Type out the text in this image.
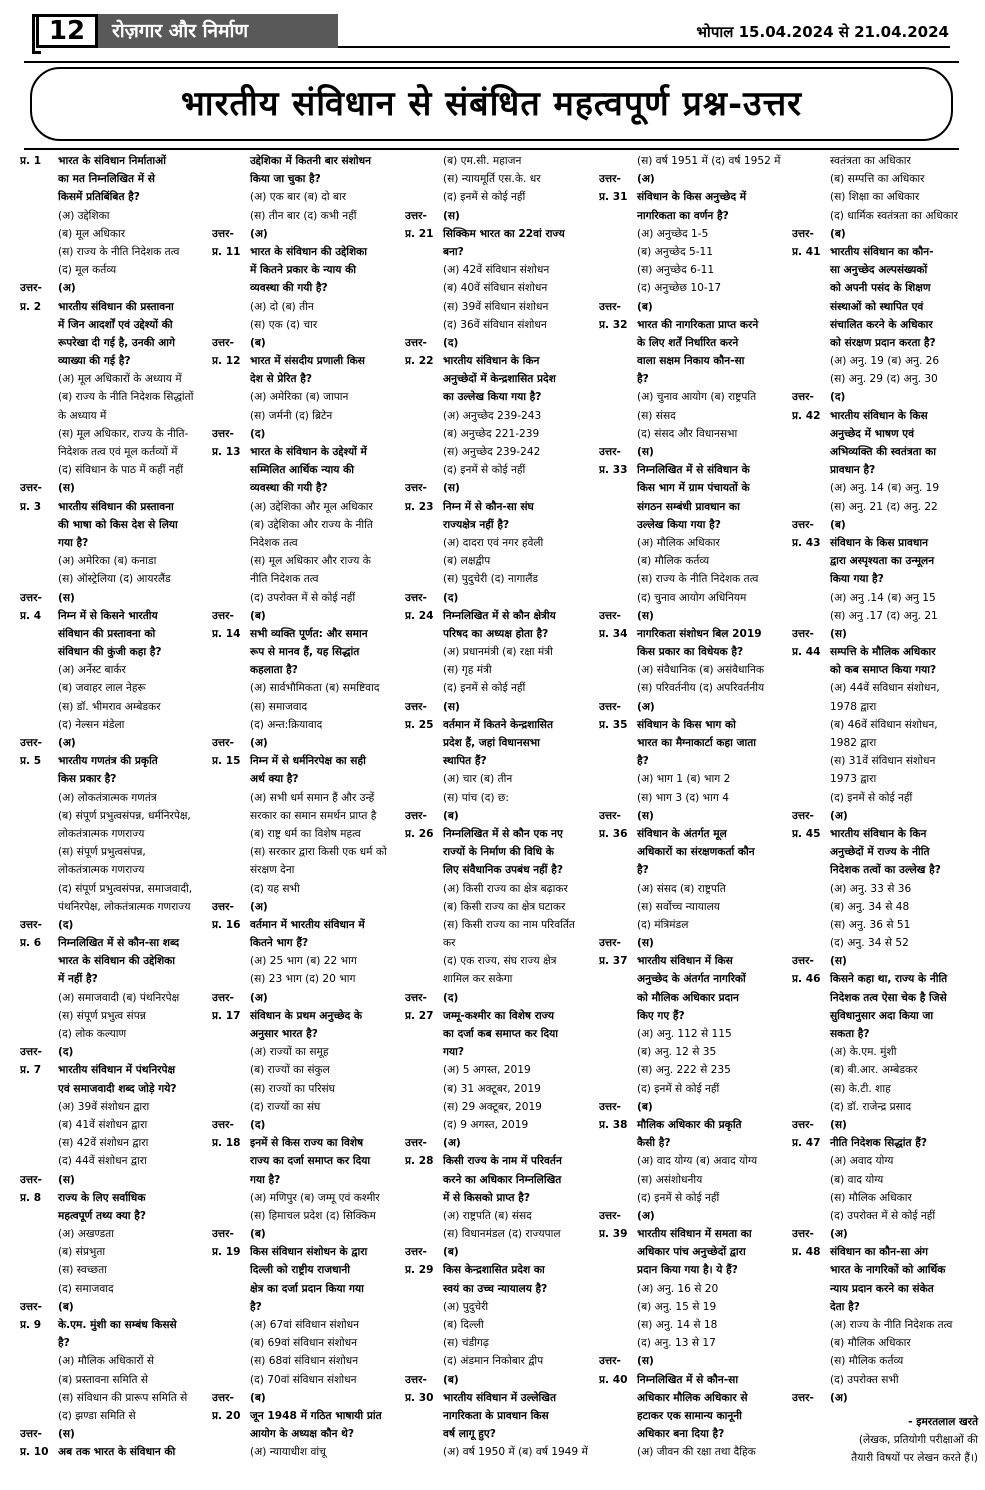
12	रोज़गार और निर्माण	भोपाल 15.04.2024 से 21.04.2024
भारतीय संविधान से संबंधित महत्वपूर्ण प्रश्न-उत्तर
प्र. 1 भारत के संविधान निर्माताओं
का मत निम्नलिखित में से
किसमें प्रतिबिंबित है?
(अ) उद्देशिका
(ब) मूल अधिकार
(स) राज्य के नीति निदेशक तत्व
(द) मूल कर्तव्य
उत्तर- (अ)
प्र. 2 भारतीय संविधान की प्रस्तावना
में जिन आदर्शों एवं उद्देश्यों की
रूपरेखा दी गई है, उनकी आगे
व्याख्या की गई है?
(अ) मूल अधिकारों के अध्याय में
(ब) राज्य के नीति निदेशक सिद्धांतों
के अध्याय में
(स) मूल अधिकार, राज्य के नीति-
निदेशक तत्व एवं मूल कर्तव्यों में
(द) संविधान के पाठ में कहीं नहीं
उत्तर- (स)
प्र. 3 भारतीय संविधान की प्रस्तावना
की भाषा को किस देश से लिया
गया है?
(अ) अमेरिका (ब) कनाडा
(स) ऑस्ट्रेलिया (द) आयरलैंड
उत्तर- (स)
प्र. 4 निम्न में से किसने भारतीय
संविधान की प्रस्तावना को
संविधान की कुंजी कहा है?
(अ) अर्नेस्ट बार्कर
(ब) जवाहर लाल नेहरू
(स) डॉ. भीमराव अम्बेडकर
(द) नेल्सन मंडेला
उत्तर- (अ)
प्र. 5 भारतीय गणतंत्र की प्रकृति
किस प्रकार है?
(अ) लोकतंत्रात्मक गणतंत्र
(ब) संपूर्ण प्रभुत्वसंपन्न, धर्मनिरपेक्ष,
लोकतंत्रात्मक गणराज्य
(स) संपूर्ण प्रभुत्वसंपन्न,
लोकतंत्रात्मक गणराज्य
(द) संपूर्ण प्रभुत्वसंपन्न, समाजवादी,
पंथनिरपेक्ष, लोकतंत्रात्मक गणराज्य
उत्तर- (द)
प्र. 6 निम्नलिखित में से कौन-सा शब्द
भारत के संविधान की उद्देशिका
में नहीं है?
(अ) समाजवादी (ब) पंथनिरपेक्ष
(स) संपूर्ण प्रभुत्व संपन्न
(द) लोक कल्याण
उत्तर- (द)
प्र. 7 भारतीय संविधान में पंथनिरपेक्ष
एवं समाजवादी शब्द जोड़े गये?
(अ) 39वें संशोधन द्वारा
(ब) 41वें संशोधन द्वारा
(स) 42वें संशोधन द्वारा
(द) 44वें संशोधन द्वारा
उत्तर- (स)
प्र. 8 राज्य के लिए सर्वाधिक
महत्वपूर्ण तथ्य क्या है?
(अ) अखण्डता
(ब) संप्रभुता
(स) स्वच्छता
(द) समाजवाद
उत्तर- (ब)
प्र. 9 के.एम. मुंशी का सम्बंध किससे
है?
(अ) मौलिक अधिकारों से
(ब) प्रस्तावना समिति से
(स) संविधान की प्रारूप समिति से
(द) झण्डा समिति से
उत्तर- (स)
प्र. 10 अब तक भारत के संविधान की
उद्देशिका में कितनी बार संशोधन
किया जा चुका है?
(अ) एक बार (ब) दो बार
(स) तीन बार (द) कभी नहीं
उत्तर- (अ)
प्र. 11 भारत के संविधान की उद्देशिका
में कितने प्रकार के न्याय की
व्यवस्था की गयी है?
(अ) दो (ब) तीन
(स) एक (द) चार
उत्तर- (ब)
प्र. 12 भारत में संसदीय प्रणाली किस
देश से प्रेरित है?
(अ) अमेरिका (ब) जापान
(स) जर्मनी (द) ब्रिटेन
उत्तर- (द)
प्र. 13 भारत के संविधान के उद्देश्यों में
सम्मिलित आर्थिक न्याय की
व्यवस्था की गयी है?
(अ) उद्देशिका और मूल अधिकार
(ब) उद्देशिका और राज्य के नीति
निदेशक तत्व
(स) मूल अधिकार और राज्य के
नीति निदेशक तत्व
(द) उपरोक्त में से कोई नहीं
उत्तर- (ब)
प्र. 14 सभी व्यक्ति पूर्णत: और समान
रूप से मानव हैं, यह सिद्धांत
कहलाता है?
(अ) सार्वभौमिकता (ब) समष्टिवाद
(स) समाजवाद
(द) अन्त:क्रियावाद
उत्तर- (अ)
प्र. 15 निम्न में से धर्मनिरपेक्ष का सही
अर्थ क्या है?
(अ) सभी धर्म समान हैं और उन्हें
सरकार का समान समर्थन प्राप्त है
(ब) राष्ट्र धर्म का विशेष महत्व
(स) सरकार द्वारा किसी एक धर्म को
संरक्षण देना
(द) यह सभी
उत्तर- (अ)
प्र. 16 वर्तमान में भारतीय संविधान में
कितने भाग हैं?
(अ) 25 भाग (ब) 22 भाग
(स) 23 भाग (द) 20 भाग
उत्तर- (अ)
प्र. 17 संविधान के प्रथम अनुच्छेद के
अनुसार भारत है?
(अ) राज्यों का समूह
(ब) राज्यों का संकुल
(स) राज्यों का परिसंघ
(द) राज्यों का संघ
उत्तर- (द)
प्र. 18 इनमें से किस राज्य का विशेष
राज्य का दर्जा समाप्त कर दिया
गया है?
(अ) मणिपुर (ब) जम्मू एवं कश्मीर
(स) हिमाचल प्रदेश (द) सिक्किम
उत्तर- (ब)
प्र. 19 किस संविधान संशोधन के द्वारा
दिल्ली को राष्ट्रीय राजधानी
क्षेत्र का दर्जा प्रदान किया गया
है?
(अ) 67वां संविधान संशोधन
(ब) 69वां संविधान संशोधन
(स) 68वां संविधान संशोधन
(द) 70वां संविधान संशोधन
उत्तर- (ब)
प्र. 20 जून 1948 में गठित भाषायी प्रांत
आयोग के अध्यक्ष कौन थे?
(अ) न्यायाधीश वांचू
(ब) एम.सी. महाजन
(स) न्यायमूर्ति एस.के. धर
(द) इनमें से कोई नहीं
उत्तर- (स)
प्र. 21 सिक्किम भारत का 22वां राज्य
बना?
(अ) 42वें संविधान संशोधन
(ब) 40वें संविधान संशोधन
(स) 39वें संविधान संशोधन
(द) 36वें संविधान संशोधन
उत्तर- (द)
प्र. 22 भारतीय संविधान के किन
अनुच्छेदों में केन्द्रशासित प्रदेश
का उल्लेख किया गया है?
(अ) अनुच्छेद 239-243
(ब) अनुच्छेद 221-239
(स) अनुच्छेद 239-242
(द) इनमें से कोई नहीं
उत्तर- (स)
प्र. 23 निम्न में से कौन-सा संघ
राज्यक्षेत्र नहीं है?
(अ) दादरा एवं नगर हवेली
(ब) लक्षद्वीप
(स) पुदुचेरी (द) नागालैंड
उत्तर- (द)
प्र. 24 निम्नलिखित में से कौन क्षेत्रीय
परिषद का अध्यक्ष होता है?
(अ) प्रधानमंत्री (ब) रक्षा मंत्री
(स) गृह मंत्री
(द) इनमें से कोई नहीं
उत्तर- (स)
प्र. 25 वर्तमान में कितने केन्द्रशासित
प्रदेश हैं, जहां विधानसभा
स्थापित हैं?
(अ) चार (ब) तीन
(स) पांच (द) छ:
उत्तर- (ब)
प्र. 26 निम्नलिखित में से कौन एक नए
राज्यों के निर्माण की विधि के
लिए संवैधानिक उपबंध नहीं है?
(अ) किसी राज्य का क्षेत्र बढ़ाकर
(ब) किसी राज्य का क्षेत्र घटाकर
(स) किसी राज्य का नाम परिवर्तित
कर
(द) एक राज्य, संघ राज्य क्षेत्र
शामिल कर सकेगा
उत्तर- (द)
प्र. 27 जम्मू-कश्मीर का विशेष राज्य
का दर्जा कब समाप्त कर दिया
गया?
(अ) 5 अगस्त, 2019
(ब) 31 अक्टूबर, 2019
(स) 29 अक्टूबर, 2019
(द) 9 अगस्त, 2019
उत्तर- (अ)
प्र. 28 किसी राज्य के नाम में परिवर्तन
करने का अधिकार निम्नलिखित
में से किसको प्राप्त है?
(अ) राष्ट्रपति (ब) संसद
(स) विधानमंडल (द) राज्यपाल
उत्तर- (ब)
प्र. 29 किस केन्द्रशासित प्रदेश का
स्वयं का उच्च न्यायालय है?
(अ) पुदुचेरी
(ब) दिल्ली
(स) चंडीगढ़
(द) अंडमान निकोबार द्वीप
उत्तर- (ब)
प्र. 30 भारतीय संविधान में उल्लेखित
नागरिकता के प्रावधान किस
वर्ष लागू हुए?
(अ) वर्ष 1950 में (ब) वर्ष 1949 में
(स) वर्ष 1951 में (द) वर्ष 1952 में
उत्तर- (अ)
प्र. 31 संविधान के किस अनुच्छेद में
नागरिकता का वर्णन है?
(अ) अनुच्छेद 1-5
(ब) अनुच्छेद 5-11
(स) अनुच्छेद 6-11
(द) अनुच्छेछ 10-17
उत्तर- (ब)
प्र. 32 भारत की नागरिकता प्राप्त करने
के लिए शर्तें निर्धारित करने
वाला सक्षम निकाय कौन-सा
है?
(अ) चुनाव आयोग (ब) राष्ट्रपति
(स) संसद
(द) संसद और विधानसभा
उत्तर- (स)
प्र. 33 निम्नलिखित में से संविधान के
किस भाग में ग्राम पंचायतों के
संगठन सम्बंधी प्रावधान का
उल्लेख किया गया है?
(अ) मौलिक अधिकार
(ब) मौलिक कर्तव्य
(स) राज्य के नीति निदेशक तत्व
(द) चुनाव आयोग अधिनियम
उत्तर- (स)
प्र. 34 नागरिकता संशोधन बिल 2019
किस प्रकार का विधेयक है?
(अ) संवैधानिक (ब) असंवैधानिक
(स) परिवर्तनीय (द) अपरिवर्तनीय
उत्तर- (अ)
प्र. 35 संविधान के किस भाग को
भारत का मैग्नाकार्टा कहा जाता
है?
(अ) भाग 1 (ब) भाग 2
(स) भाग 3 (द) भाग 4
उत्तर- (स)
प्र. 36 संविधान के अंतर्गत मूल
अधिकारों का संरक्षणकर्ता कौन
है?
(अ) संसद (ब) राष्ट्रपति
(स) सर्वोच्च न्यायालय
(द) मंत्रिमंडल
उत्तर- (स)
प्र. 37 भारतीय संविधान में किस
अनुच्छेद के अंतर्गत नागरिकों
को मौलिक अधिकार प्रदान
किए गए हैं?
(अ) अनु. 112 से 115
(ब) अनु. 12 से 35
(स) अनु. 222 से 235
(द) इनमें से कोई नहीं
उत्तर- (ब)
प्र. 38 मौलिक अधिकार की प्रकृति
कैसी है?
(अ) वाद योग्य (ब) अवाद योग्य
(स) असंशोधनीय
(द) इनमें से कोई नहीं
उत्तर- (अ)
प्र. 39 भारतीय संविधान में समता का
अधिकार पांच अनुच्छेदों द्वारा
प्रदान किया गया है। ये हैं?
(अ) अनु. 16 से 20
(ब) अनु. 15 से 19
(स) अनु. 14 से 18
(द) अनु. 13 से 17
उत्तर- (स)
प्र. 40 निम्नलिखित में से कौन-सा
अधिकार मौलिक अधिकार से
हटाकर एक सामान्य कानूनी
अधिकार बना दिया है?
(अ) जीवन की रक्षा तथा दैहिक
स्वतंत्रता का अधिकार
(ब) सम्पत्ति का अधिकार
(स) शिक्षा का अधिकार
(द) धार्मिक स्वतंत्रता का अधिकार
उत्तर- (ब)
प्र. 41 भारतीय संविधान का कौन-
सा अनुच्छेद अल्पसंख्यकों
को अपनी पसंद के शिक्षण
संस्थाओं को स्थापित एवं
संचालित करने के अधिकार
को संरक्षण प्रदान करता है?
(अ) अनु. 19 (ब) अनु. 26
(स) अनु. 29 (द) अनु. 30
उत्तर- (द)
प्र. 42 भारतीय संविधान के किस
अनुच्छेद में भाषण एवं
अभिव्यक्ति की स्वतंत्रता का
प्रावधान है?
(अ) अनु. 14 (ब) अनु. 19
(स) अनु. 21 (द) अनु. 22
उत्तर- (ब)
प्र. 43 संविधान के किस प्रावधान
द्वारा अस्पृश्यता का उन्मूलन
किया गया है?
(अ) अनु .14 (ब) अनु 15
(स) अनु .17 (द) अनु. 21
उत्तर- (स)
प्र. 44 सम्पत्ति के मौलिक अधिकार
को कब समाप्त किया गया?
(अ) 44वें सविधान संशोधन,
1978 द्वारा
(ब) 46वें संविधान संशोधन,
1982 द्वारा
(स) 31वें संविधान संशोधन
1973 द्वारा
(द) इनमें से कोई नहीं
उत्तर- (अ)
प्र. 45 भारतीय संविधान के किन
अनुच्छेदों में राज्य के नीति
निदेशक तत्वों का उल्लेख है?
(अ) अनु. 33 से 36
(ब) अनु. 34 से 48
(स) अनु. 36 से 51
(द) अनु. 34 से 52
उत्तर- (स)
प्र. 46 किसने कहा था, राज्य के नीति
निदेशक तत्व ऐसा चेक है जिसे
सुविधानुसार अदा किया जा
सकता है?
(अ) के.एम. मुंशी
(ब) बी.आर. अम्बेडकर
(स) के.टी. शाह
(द) डॉ. राजेन्द्र प्रसाद
उत्तर- (स)
प्र. 47 नीति निदेशक सिद्धांत हैं?
(अ) अवाद योग्य
(ब) वाद योग्य
(स) मौलिक अधिकार
(द) उपरोक्त में से कोई नहीं
उत्तर- (अ)
प्र. 48 संविधान का कौन-सा अंग
भारत के नागरिकों को आर्थिक
न्याय प्रदान करने का संकेत
देता है?
(अ) राज्य के नीति निदेशक तत्व
(ब) मौलिक अधिकार
(स) मौलिक कर्तव्य
(द) उपरोक्त सभी
उत्तर- (अ)
- इमरतलाल खरते
(लेखक, प्रतियोगी परीक्षाओं की
तैयारी विषयों पर लेखन करते हैं।)
